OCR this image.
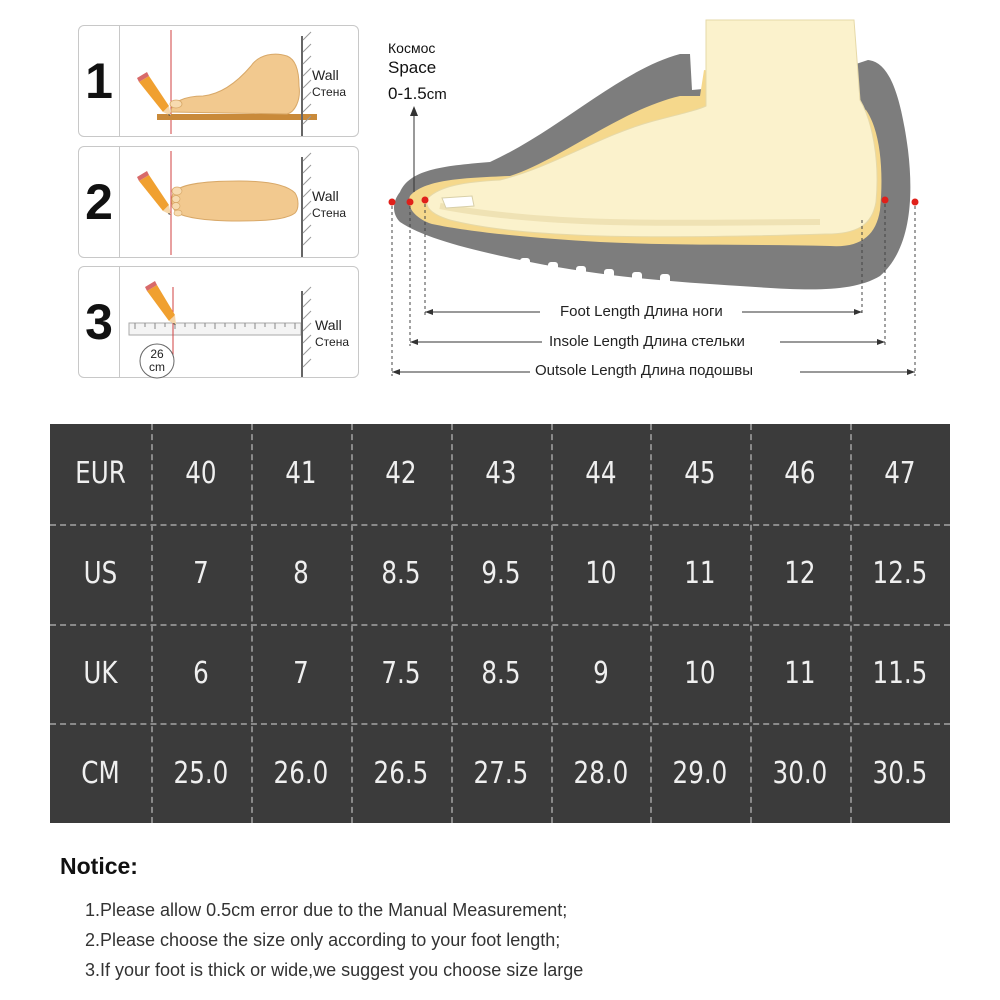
1	Wall
Стена
2	Wall
Стена
3
26
cm
Wall
Стена
Космос
Space
0-1.5cm
Foot Length Длина ноги
Insole Length Длина стельки
Outsole Length Длина подошвы
EUR	40	41	42	43	44	45	46	47
US	7	8	8.5	9.5	10	11	12	12.5
UK	6	7	7.5	8.5	9	10	11	11.5
CM	25.0	26.0	26.5	27.5	28.0	29.0	30.0	30.5
Notice:
1.Please allow 0.5cm error due to the Manual Measurement;
2.Please choose the size only according to your foot length;
3.If your foot is thick or wide,we suggest you choose size large
